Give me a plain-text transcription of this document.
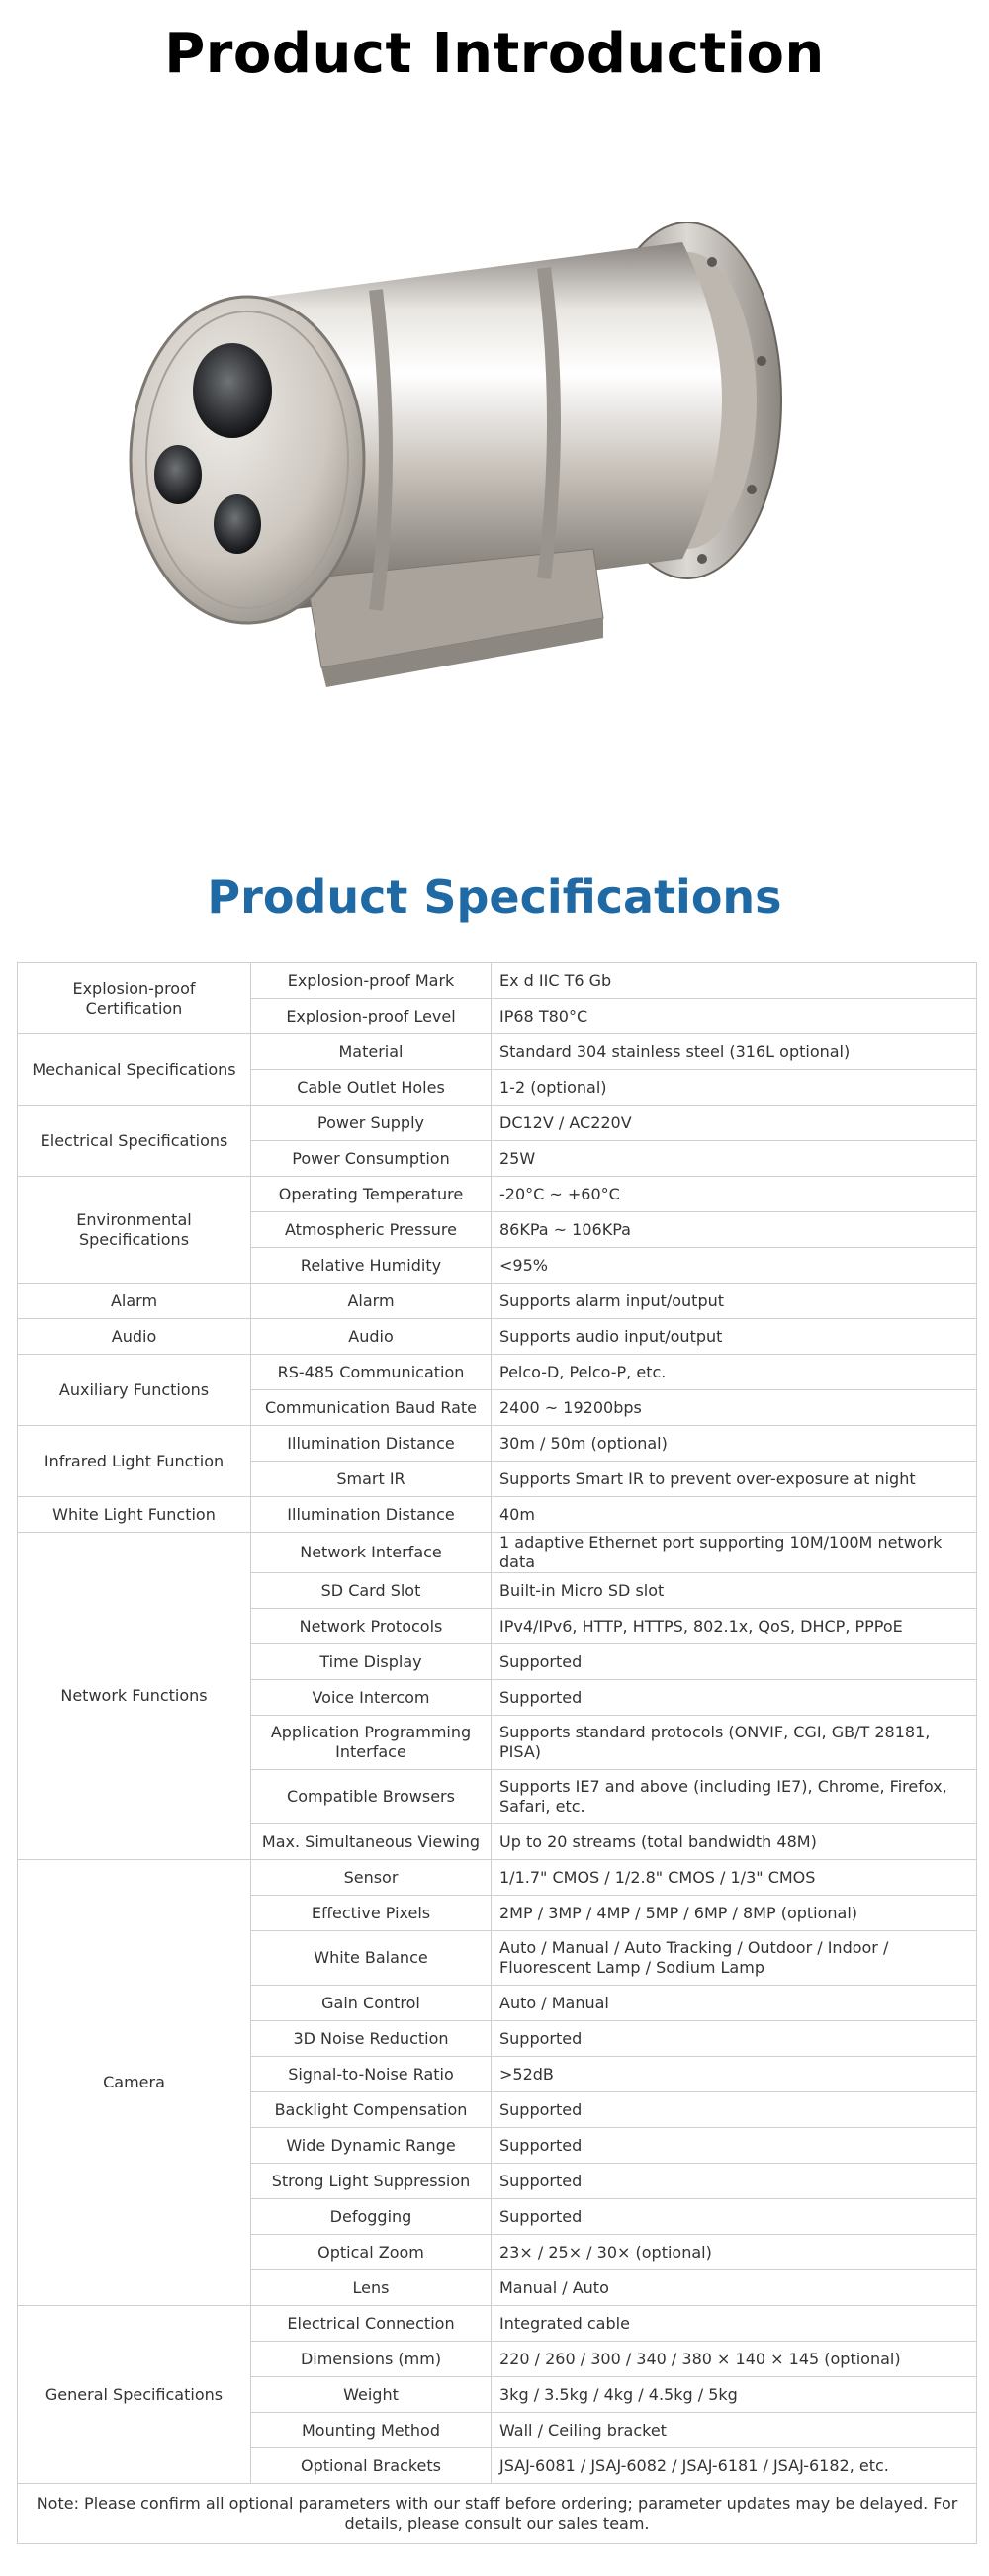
Product Introduction
Product Specifications
Explosion-proof Certification	Explosion-proof Mark	Ex d IIC T6 Gb
	Explosion-proof Level	IP68 T80°C
Mechanical Specifications	Material	Standard 304 stainless steel (316L optional)
	Cable Outlet Holes	1-2 (optional)
Electrical Specifications	Power Supply	DC12V / AC220V
	Power Consumption	25W
Environmental Specifications	Operating Temperature	-20°C ~ +60°C
	Atmospheric Pressure	86KPa ~ 106KPa
	Relative Humidity	<95%
Alarm	Alarm	Supports alarm input/output
Audio	Audio	Supports audio input/output
Auxiliary Functions	RS-485 Communication	Pelco-D, Pelco-P, etc.
	Communication Baud Rate	2400 ~ 19200bps
Infrared Light Function	Illumination Distance	30m / 50m (optional)
	Smart IR	Supports Smart IR to prevent over-exposure at night
White Light Function	Illumination Distance	40m
Network Functions	Network Interface	1 adaptive Ethernet port supporting 10M/100M network data
	SD Card Slot	Built-in Micro SD slot
	Network Protocols	IPv4/IPv6, HTTP, HTTPS, 802.1x, QoS, DHCP, PPPoE
	Time Display	Supported
	Voice Intercom	Supported
	Application Programming Interface	Supports standard protocols (ONVIF, CGI, GB/T 28181, PISA)
	Compatible Browsers	Supports IE7 and above (including IE7), Chrome, Firefox, Safari, etc.
	Max. Simultaneous Viewing	Up to 20 streams (total bandwidth 48M)
Camera	Sensor	1/1.7" CMOS / 1/2.8" CMOS / 1/3" CMOS
	Effective Pixels	2MP / 3MP / 4MP / 5MP / 6MP / 8MP (optional)
	White Balance	Auto / Manual / Auto Tracking / Outdoor / Indoor / Fluorescent Lamp / Sodium Lamp
	Gain Control	Auto / Manual
	3D Noise Reduction	Supported
	Signal-to-Noise Ratio	>52dB
	Backlight Compensation	Supported
	Wide Dynamic Range	Supported
	Strong Light Suppression	Supported
	Defogging	Supported
	Optical Zoom	23× / 25× / 30× (optional)
	Lens	Manual / Auto
General Specifications	Electrical Connection	Integrated cable
	Dimensions (mm)	220 / 260 / 300 / 340 / 380 × 140 × 145 (optional)
	Weight	3kg / 3.5kg / 4kg / 4.5kg / 5kg
	Mounting Method	Wall / Ceiling bracket
	Optional Brackets	JSAJ-6081 / JSAJ-6082 / JSAJ-6181 / JSAJ-6182, etc.
Note: Please confirm all optional parameters with our staff before ordering; parameter updates may be delayed. For details, please consult our sales team.		
